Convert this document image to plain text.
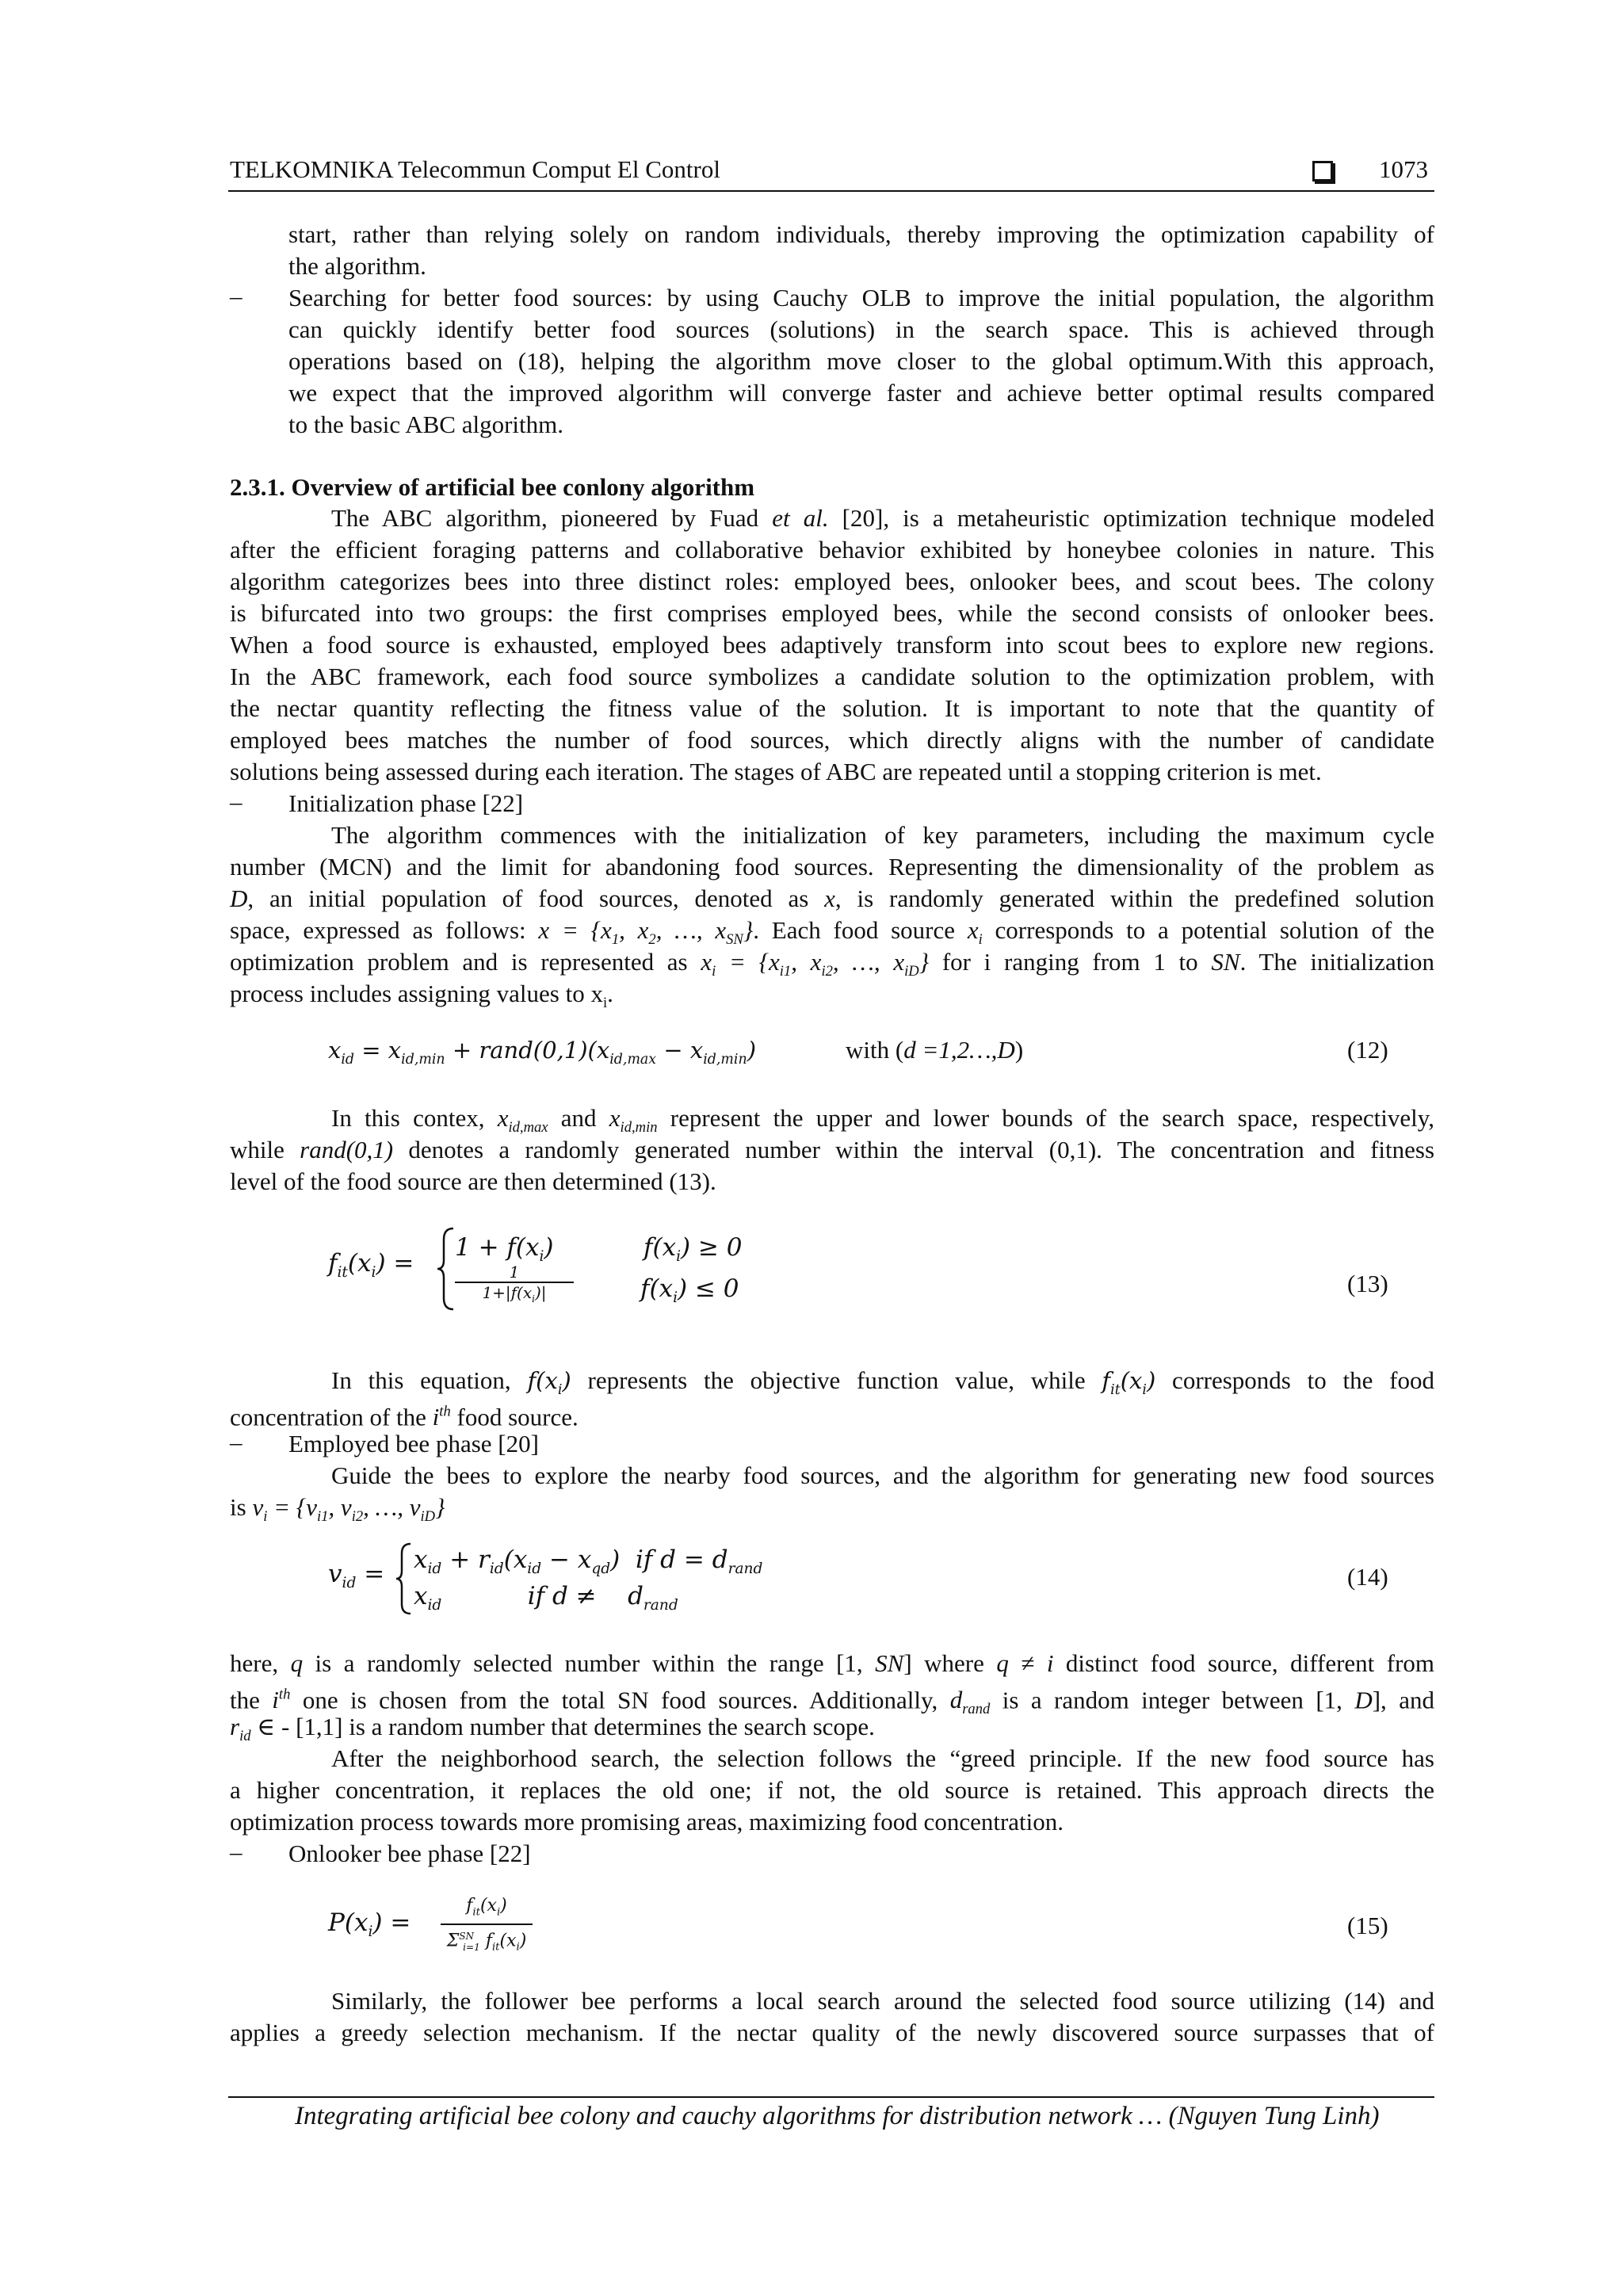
TELKOMNIKA Telecommun Comput El Control	1073
start, rather than relying solely on random individuals, thereby improving the optimization capability of
the algorithm.
– Searching for better food sources: by using Cauchy OLB to improve the initial population, the algorithm
can quickly identify better food sources (solutions) in the search space. This is achieved through
operations based on (18), helping the algorithm move closer to the global optimum.With this approach,
we expect that the improved algorithm will converge faster and achieve better optimal results compared
to the basic ABC algorithm.
2.3.1. Overview of artificial bee conlony algorithm
The ABC algorithm, pioneered by Fuad et al. [20], is a metaheuristic optimization technique modeled
after the efficient foraging patterns and collaborative behavior exhibited by honeybee colonies in nature. This
algorithm categorizes bees into three distinct roles: employed bees, onlooker bees, and scout bees. The colony
is bifurcated into two groups: the first comprises employed bees, while the second consists of onlooker bees.
When a food source is exhausted, employed bees adaptively transform into scout bees to explore new regions.
In the ABC framework, each food source symbolizes a candidate solution to the optimization problem, with
the nectar quantity reflecting the fitness value of the solution. It is important to note that the quantity of
employed bees matches the number of food sources, which directly aligns with the number of candidate
solutions being assessed during each iteration. The stages of ABC are repeated until a stopping criterion is met.
– Initialization phase [22]
The algorithm commences with the initialization of key parameters, including the maximum cycle
number (MCN) and the limit for abandoning food sources. Representing the dimensionality of the problem as
D, an initial population of food sources, denoted as x, is randomly generated within the predefined solution
space, expressed as follows: $x = \{x_1$, $x_2$, …, $x_{SN}$}. Each food source $x_i$ corresponds to a potential solution of the
optimization problem and is represented as $x_i = \{x_{i1}$, $x_{i2}$, …, $x_{iD}$} for i ranging from 1 to SN. The initialization
process includes assigning values to $x_i$.
$x_{id} = x_{id,min}$ + $rand(0,1)(x_{id,max} - x_{id,min})$	with (d =1,2…,D)	(12)
In this contex, $x_{id,max}$ and $x_{id,min}$ represent the upper and lower bounds of the search space, respectively,
while rand(0,1) denotes a randomly generated number within the interval (0,1). The concentration and fitness
level of the food source are then determined (13).
$f_{it}(x_i)$ =
$1 + f(x_i)$	$f(x_i) \ge 0$
1
$1+|f(x_i)|$	$f(x_i) \le 0$	(13)
In this equation, $f(x_i)$ represents the objective function value, while $f_{it}(x_i)$ corresponds to the food
concentration of the $i^{th}$ food source.
– Employed bee phase [20]
Guide the bees to explore the nearby food sources, and the algorithm for generating new food sources
is $v_i = \{v_{i1}$, $v_{i2}$, …, $v_{iD}$}
$v_{id} = x_{id} + r_{id}(x_{id} - x_{qd})$  if $d = d_{rand}$
$x_{id}$           if d ≠    $d_{rand}$
(14)
here, q is a randomly selected number within the range [1, SN] where q ≠ i distinct food source, different from
the $i^{th}$ one is chosen from the total SN food sources. Additionally, $d_{rand}$ is a random integer between [1, D], and
$r_{id}$ ∈ - [1,1] is a random number that determines the search scope.
After the neighborhood search, the selection follows the “greed principle. If the new food source has
a higher concentration, it replaces the old one; if not, the old source is retained. This approach directs the
optimization process towards more promising areas, maximizing food concentration.
– Onlooker bee phase [22]
$P(x_i)$ =
$f_{it}(x_i)$
$\Sigma^{SN}_{i=1}$ $f_{it}(x_i)$
(15)
Similarly, the follower bee performs a local search around the selected food source utilizing (14) and
applies a greedy selection mechanism. If the nectar quality of the newly discovered source surpasses that of
Integrating artificial bee colony and cauchy algorithms for distribution network … (Nguyen Tung Linh)
